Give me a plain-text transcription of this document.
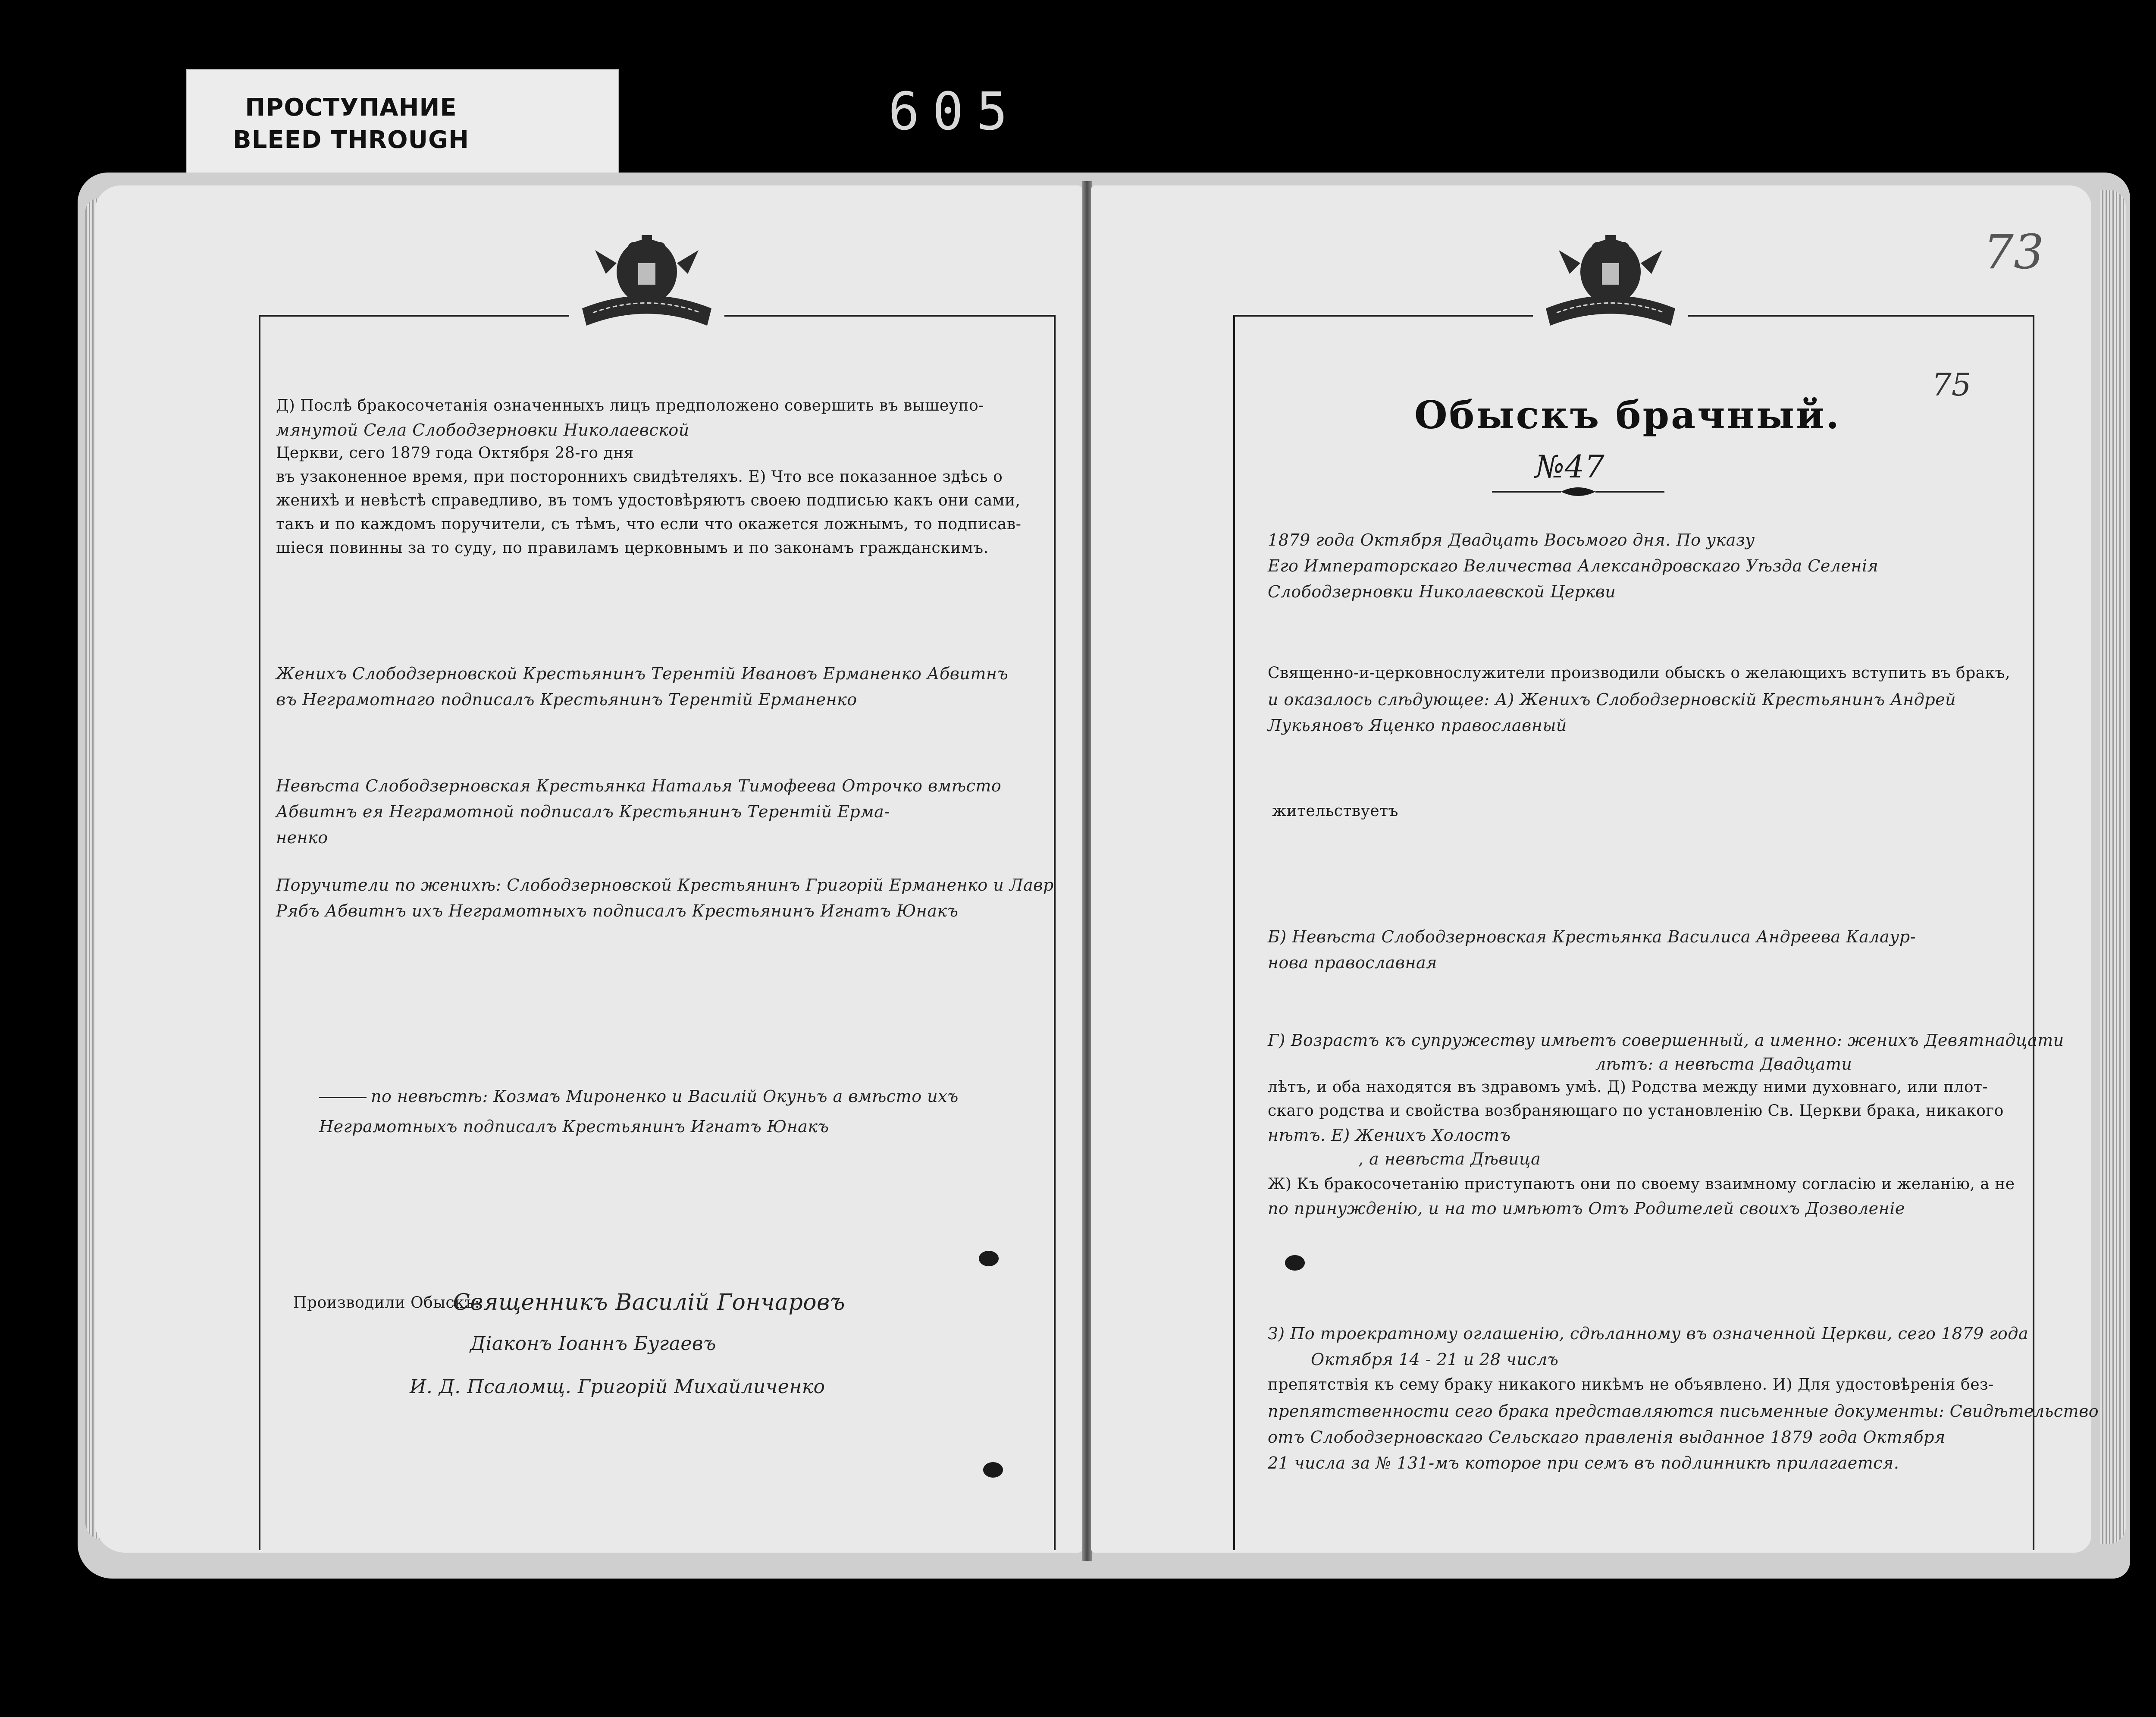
ПРОСТУПАНИЕ
BLEED THROUGH	605
Д) Послѣ бракосочетанія означенныхъ лицъ предположено совершить въ вышеупо-
мянутой Села Слободзерновки Николаевской
Церкви, сего 1879 года Октября 28-го дня
въ узаконенное время, при постороннихъ свидѣтеляхъ. Е) Что все показанное здѣсь о
женихѣ и невѣстѣ справедливо, въ томъ удостовѣряютъ своею подписью какъ они сами,
такъ и по каждомъ поручители, съ тѣмъ, что если что окажется ложнымъ, то подписав-
шіеся повинны за то суду, по правиламъ церковнымъ и по законамъ гражданскимъ.
Женихъ Слободзерновской Крестьянинъ Терентій Ивановъ Ерманенко Абвитнъ
въ Неграмотнаго подписалъ Крестьянинъ Терентій Ерманенко
Невѣста Слободзерновская Крестьянка Наталья Тимофеева Отрочко вмѣсто
Абвитнъ ея Неграмотной подписалъ Крестьянинъ Терентій Ерма-
ненко
Поручители по женихѣ: Слободзерновской Крестьянинъ Григорій Ерманенко и Лавр
Рябъ Абвитнъ ихъ Неграмотныхъ подписалъ Крестьянинъ Игнатъ Юнакъ
по невѣстѣ: Козмаъ Мироненко и Василій Окуньъ а вмѣсто ихъ
Неграмотныхъ подписалъ Крестьянинъ Игнатъ Юнакъ
Производили Обыскъ:
Священникъ Василій Гончаровъ
Діаконъ Іоаннъ Бугаевъ
И. Д. Псаломщ. Григорій Михайличенко
73
75
Обыскъ брачный.
№47
1879 года Октября Двадцать Восьмого дня. По указу
Его Императорскаго Величества Александровскаго Уѣзда Селенія
Слободзерновки Николаевской Церкви
Священно-и-церковнослужители производили обыскъ о желающихъ вступить въ бракъ,
и оказалось слѣдующее: А) Женихъ Слободзерновскій Крестьянинъ Андрей
Лукьяновъ Яценко православный
жительствуетъ
Б) Невѣста Слободзерновская Крестьянка Василиса Андреева Калаур-
нова православная
Г) Возрастъ къ супружеству имѣетъ совершенный, а именно: женихъ Девятнадцати
лѣтъ: а невѣста Двадцати
лѣтъ, и оба находятся въ здравомъ умѣ. Д) Родства между ними духовнаго, или плот-
скаго родства и свойства возбраняющаго по установленію Св. Церкви брака, никакого
нѣтъ. Е) Женихъ Холостъ
, а невѣста Дѣвица
Ж) Къ бракосочетанію приступаютъ они по своему взаимному согласію и желанію, а не
по принужденію, и на то имѣютъ Отъ Родителей своихъ Дозволеніе
З) По троекратному оглашенію, сдѣланному въ означенной Церкви, сего 1879 года
Октября 14 - 21 и 28 числъ
препятствія къ сему браку никакого никѣмъ не объявлено. И) Для удостовѣренія без-
препятственности сего брака представляются письменные документы: Свидѣтельство
отъ Слободзерновскаго Сельскаго правленія выданное 1879 года Октября
21 числа за № 131-мъ которое при семъ въ подлинникѣ прилагается.
